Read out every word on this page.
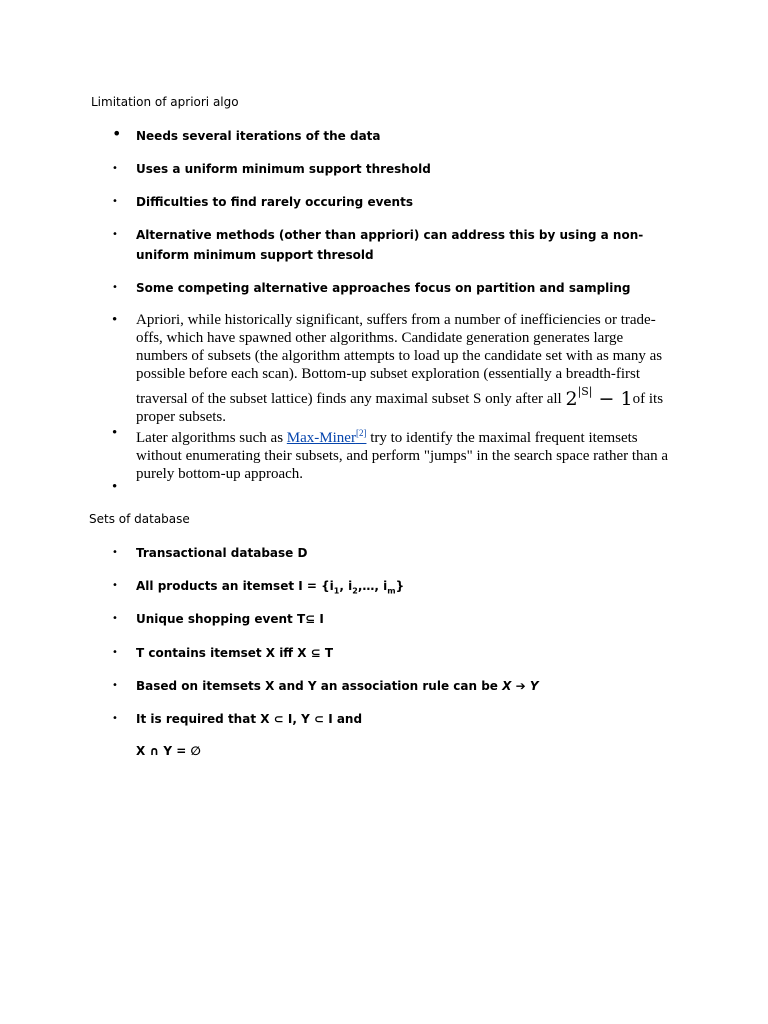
Limitation of apriori algo
•	Needs several iterations of the data
•	Uses a uniform minimum support threshold
•	Difficulties to find rarely occuring events
•	Alternative methods (other than appriori) can address this by using a non-uniform minimum support thresold
•	Some competing alternative approaches focus on partition and sampling
• Apriori, while historically significant, suffers from a number of inefficiencies or trade-offs, which have spawned other algorithms. Candidate generation generates large numbers of subsets (the algorithm attempts to load up the candidate set with as many as possible before each scan). Bottom-up subset exploration (essentially a breadth-first traversal of the subset lattice) finds any maximal subset S only after all $2^{|S|} - 1of$ its proper subsets.
• Later algorithms such as Max-Miner[2] try to identify the maximal frequent itemsets without enumerating their subsets, and perform "jumps" in the search space rather than a purely bottom-up approach.
•
Sets of database
•	Transactional database D
•	All products an itemset $I = \{i_1$, $i_2,\dots$, $i_m$}
•	Unique shopping event T⊆ I
•	T contains itemset X iff X ⊆ T
•	Based on itemsets X and Y an association rule can be X ➔ Y
•	It is required that X ⊂ I, Y ⊂ I and
X ∩ Y = ∅
